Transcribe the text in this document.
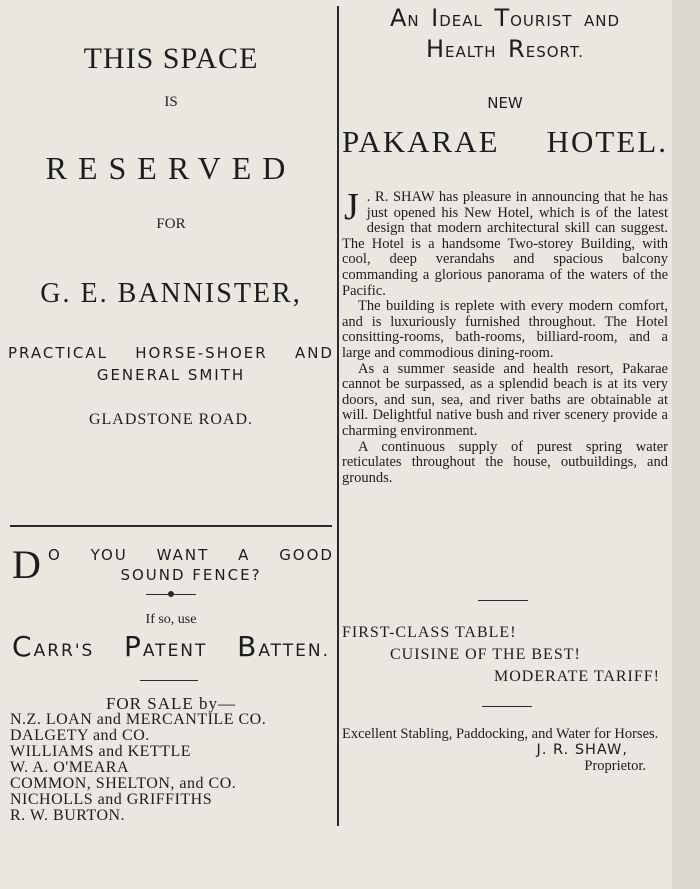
THIS SPACE
IS
RESERVED
FOR
G. E. BANNISTER,
PRACTICAL HORSE-SHOER AND
GENERAL SMITH
GLADSTONE ROAD.
D O YOU WANT A GOOD
SOUND FENCE?
If so, use
CARR'S PATENT BATTEN.
FOR SALE by—
N.Z. LOAN and MERCANTILE CO.
DALGETY and CO.
WILLIAMS and KETTLE
W. A. O'MEARA
COMMON, SHELTON, and CO.
NICHOLLS and GRIFFITHS
R. W. BURTON.
AN IDEAL TOURIST AND
HEALTH RESORT.
NEW
PAKARAE HOTEL.

J . R. SHAW has pleasure in announcing that he has just opened his New Hotel, which is of the latest design that modern architectural skill can suggest. The Hotel is a handsome Two-storey Building, with cool, deep verandahs and spacious balcony commanding a glorious panorama of the waters of the Pacific.

The building is replete with every modern comfort, and is luxuriously furnished throughout. The Hotel consitting-rooms, bath-rooms, billiard-room, and a large and commodious dining-room.

As a summer seaside and health resort, Pakarae cannot be surpassed, as a splendid beach is at its very doors, and sun, sea, and river baths are obtainable at will. Delightful native bush and river scenery provide a charming environment.

A continuous supply of purest spring water reticulates throughout the house, outbuildings, and grounds.

FIRST-CLASS TABLE!
CUISINE OF THE BEST!
MODERATE TARIFF!
Excellent Stabling, Paddocking, and Water for Horses.
J. R. SHAW,
Proprietor.
